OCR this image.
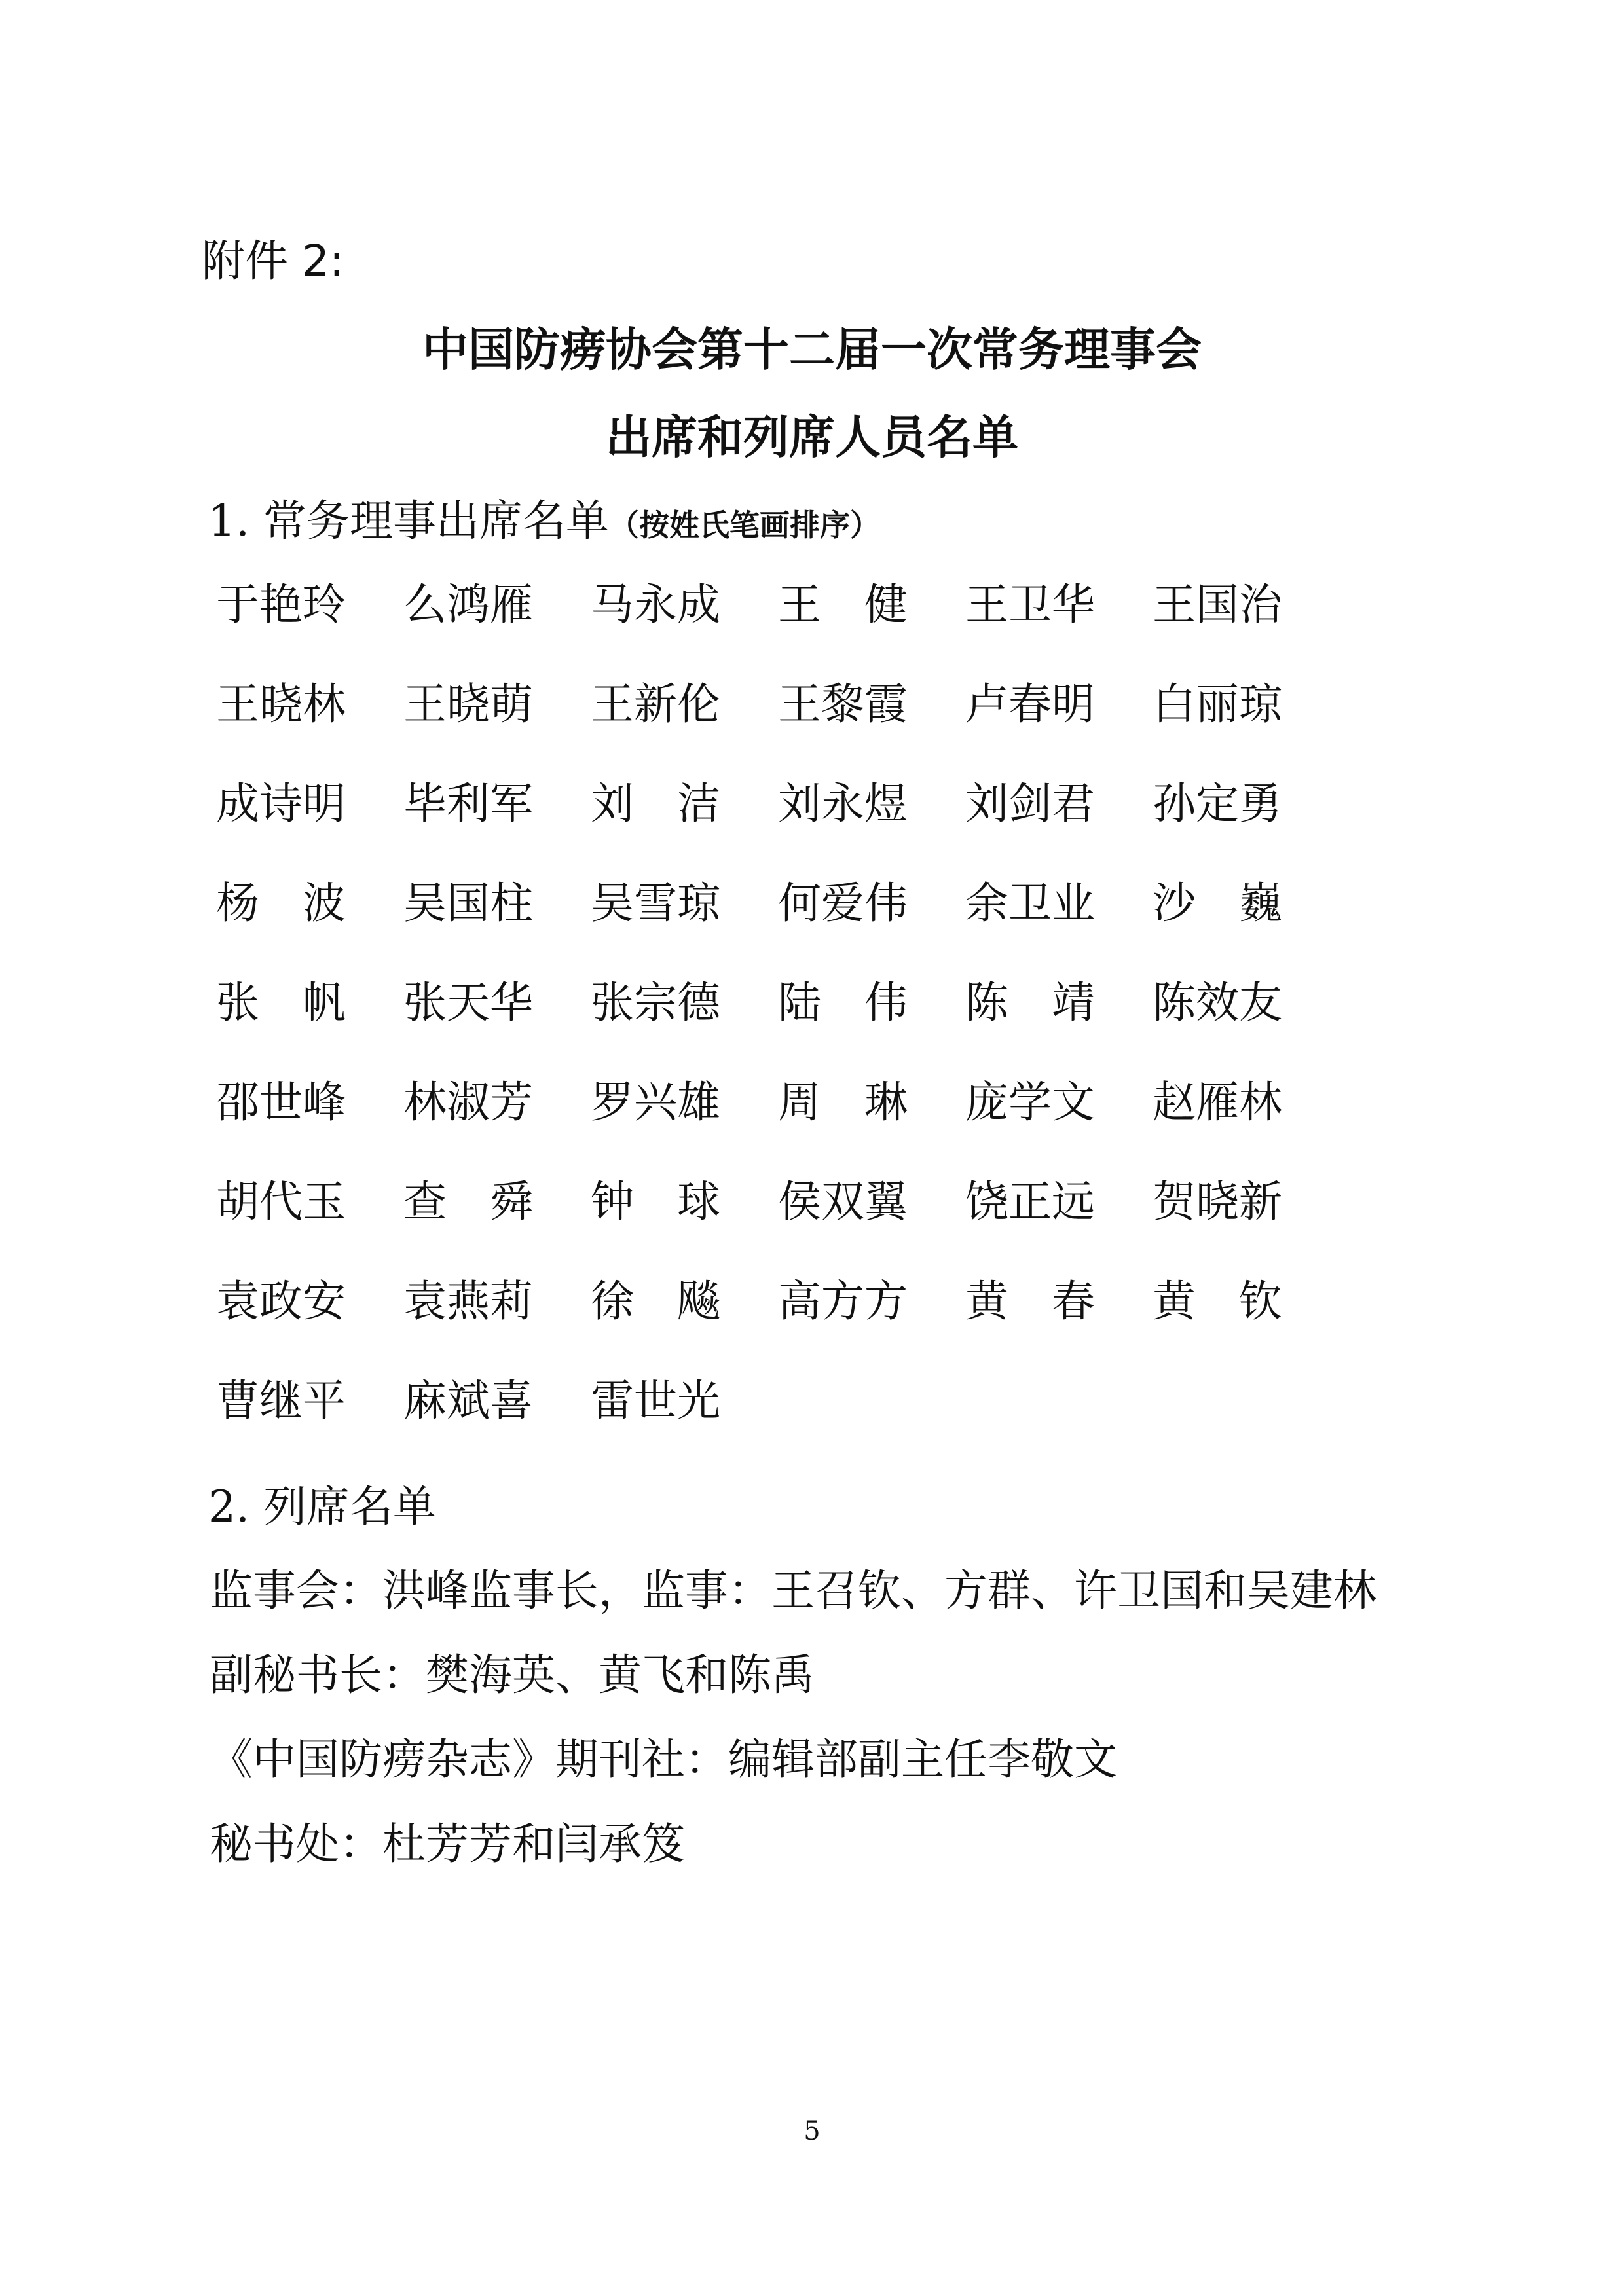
附件 2:
中国防痨协会第十二届一次常务理事会
出席和列席人员名单
1. 常务理事出席名单（按姓氏笔画排序）
于艳玲	么鸿雁	马永成	王　健	王卫华	王国治
王晓林	王晓萌	王新伦	王黎霞	卢春明	白丽琼
成诗明	毕利军	刘　洁	刘永煜	刘剑君	孙定勇
杨　波	吴国柱	吴雪琼	何爱伟	余卫业	沙　巍
张　帆	张天华	张宗德	陆　伟	陈　靖	陈效友
邵世峰	林淑芳	罗兴雄	周　琳	庞学文	赵雁林
胡代玉	查　舜	钟　球	侯双翼	饶正远	贺晓新
袁政安	袁燕莉	徐　飚	高方方	黄　春	黄　钦
曹继平	麻斌喜	雷世光
2. 列席名单
监事会：洪峰监事长，监事：王召钦、方群、许卫国和吴建林
副秘书长：樊海英、黄飞和陈禹
《中国防痨杂志》期刊社：编辑部副主任李敬文
秘书处：杜芳芳和闫承笈
5
